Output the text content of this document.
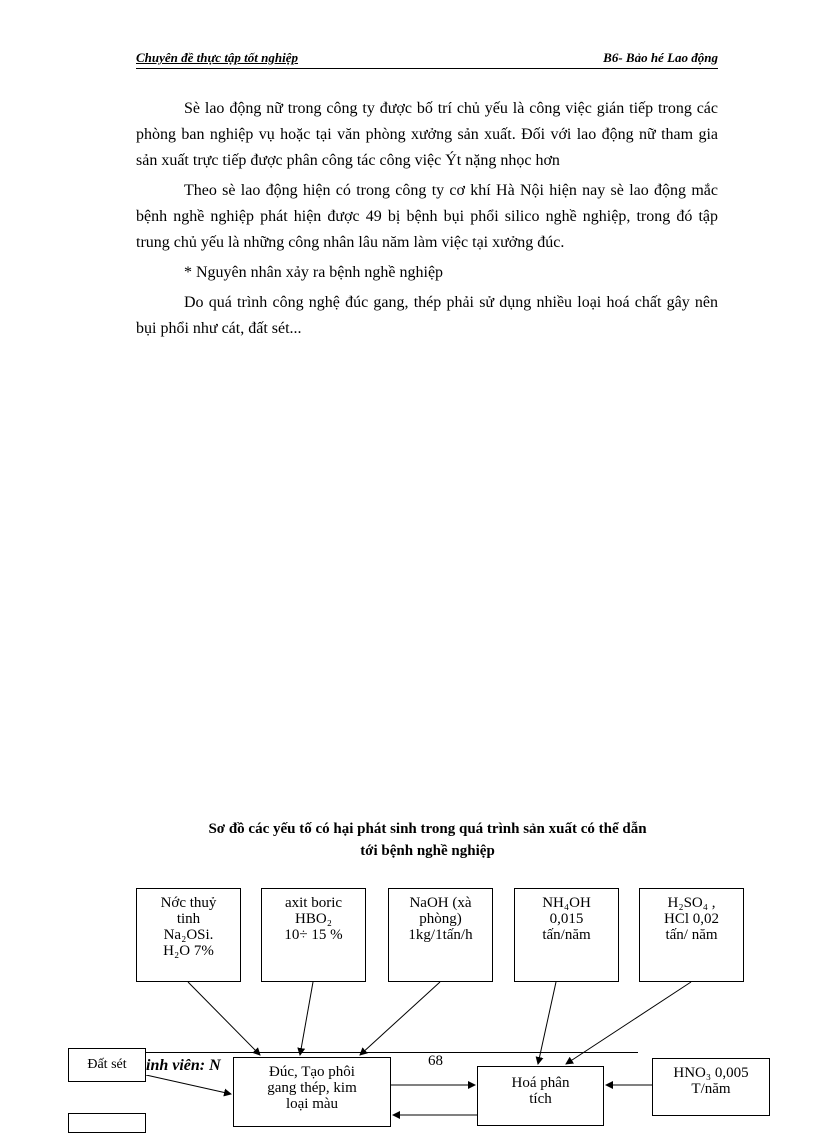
Chuyên đề thực tập tốt nghiệp	B6- Bảo hé Lao động

Sè lao động nữ trong công ty được bố trí chủ yếu là công việc gián tiếp trong các phòng ban nghiệp vụ hoặc tại văn phòng xưởng sản xuất. Đối với lao động nữ tham gia sản xuất trực tiếp được phân công tác công việc Ýt nặng nhọc hơn

Theo sè lao động hiện có trong công ty cơ khí Hà Nội hiện nay sè lao động mắc bệnh nghề nghiệp phát hiện được 49 bị bệnh bụi phổi silico nghề nghiệp, trong đó tập trung chủ yếu là những công nhân lâu năm làm việc tại xưởng đúc.

* Nguyên nhân xảy ra bệnh nghề nghiệp

Do quá trình công nghệ đúc gang, thép phải sử dụng nhiều loại hoá chất gây nên bụi phổi như cát, đất sét...

Sơ đồ các yếu tố có hại phát sinh trong quá trình sản xuất có thể dẫn
tới bệnh nghề nghiệp
Nớc thuỷ
tinh
Na₂OSi.
H₂O 7%
axit boric
HBO₂
10÷ 15 %
NaOH (xà
phòng)
1kg/1tấn/h
NH₄OH
0,015
tấn/năm
H₂SO₄ ,
HCl 0,02
tấn/ năm
inh viên: N	68
Đất sét	Đúc, Tạo phôi
gang thép, kim
loại màu
Hoá phân
tích
HNO₃ 0,005
T/năm
